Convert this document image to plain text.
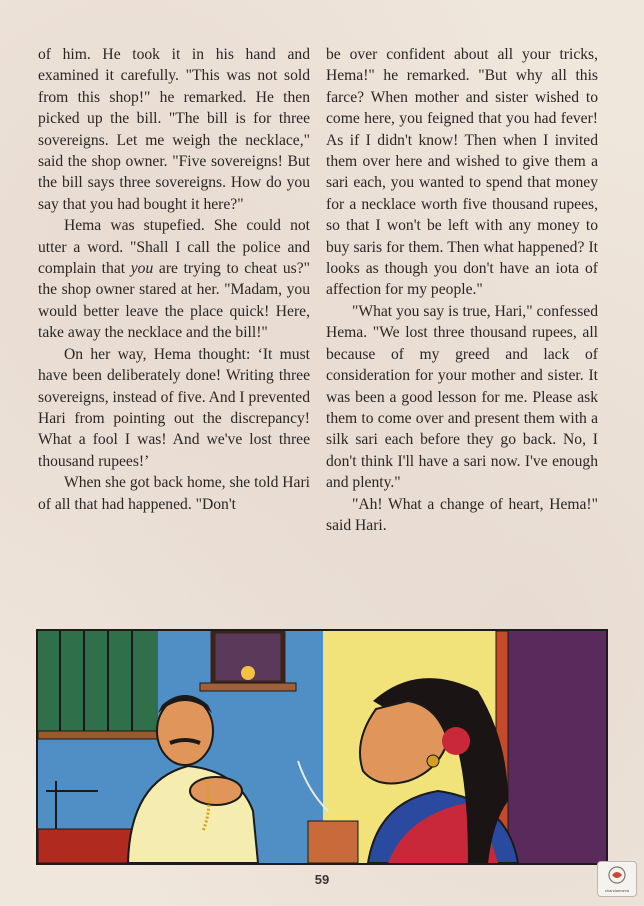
of him. He took it in his hand and examined it carefully. "This was not sold from this shop!" he remarked. He then picked up the bill. "The bill is for three sovereigns. Let me weigh the necklace," said the shop owner. "Five sovereigns! But the bill says three sovereigns. How do you say that you had bought it here?"

Hema was stupefied. She could not utter a word. "Shall I call the police and complain that you are trying to cheat us?" the shop owner stared at her. "Madam, you would better leave the place quick! Here, take away the necklace and the bill!"

On her way, Hema thought: ‘It must have been deliberately done! Writing three sovereigns, instead of five. And I prevented Hari from pointing out the discrepancy! What a fool I was! And we've lost three thousand rupees!’

When she got back home, she told Hari of all that had happened. "Don't

be over confident about all your tricks, Hema!" he remarked. "But why all this farce? When mother and sister wished to come here, you feigned that you had fever! As if I didn't know! Then when I invited them over here and wished to give them a sari each, you wanted to spend that money for a necklace worth five thousand rupees, so that I won't be left with any money to buy saris for them. Then what happened? It looks as though you don't have an iota of affection for my people."

"What you say is true, Hari," confessed Hema. "We lost three thousand rupees, all because of my greed and lack of consideration for your mother and sister. It was been a good lesson for me. Please ask them to come over and present them with a silk sari each before they go back. No, I don't think I'll have a sari now. I've enough and plenty."

"Ah! What a change of heart, Hema!" said Hari.

59
chandamama
